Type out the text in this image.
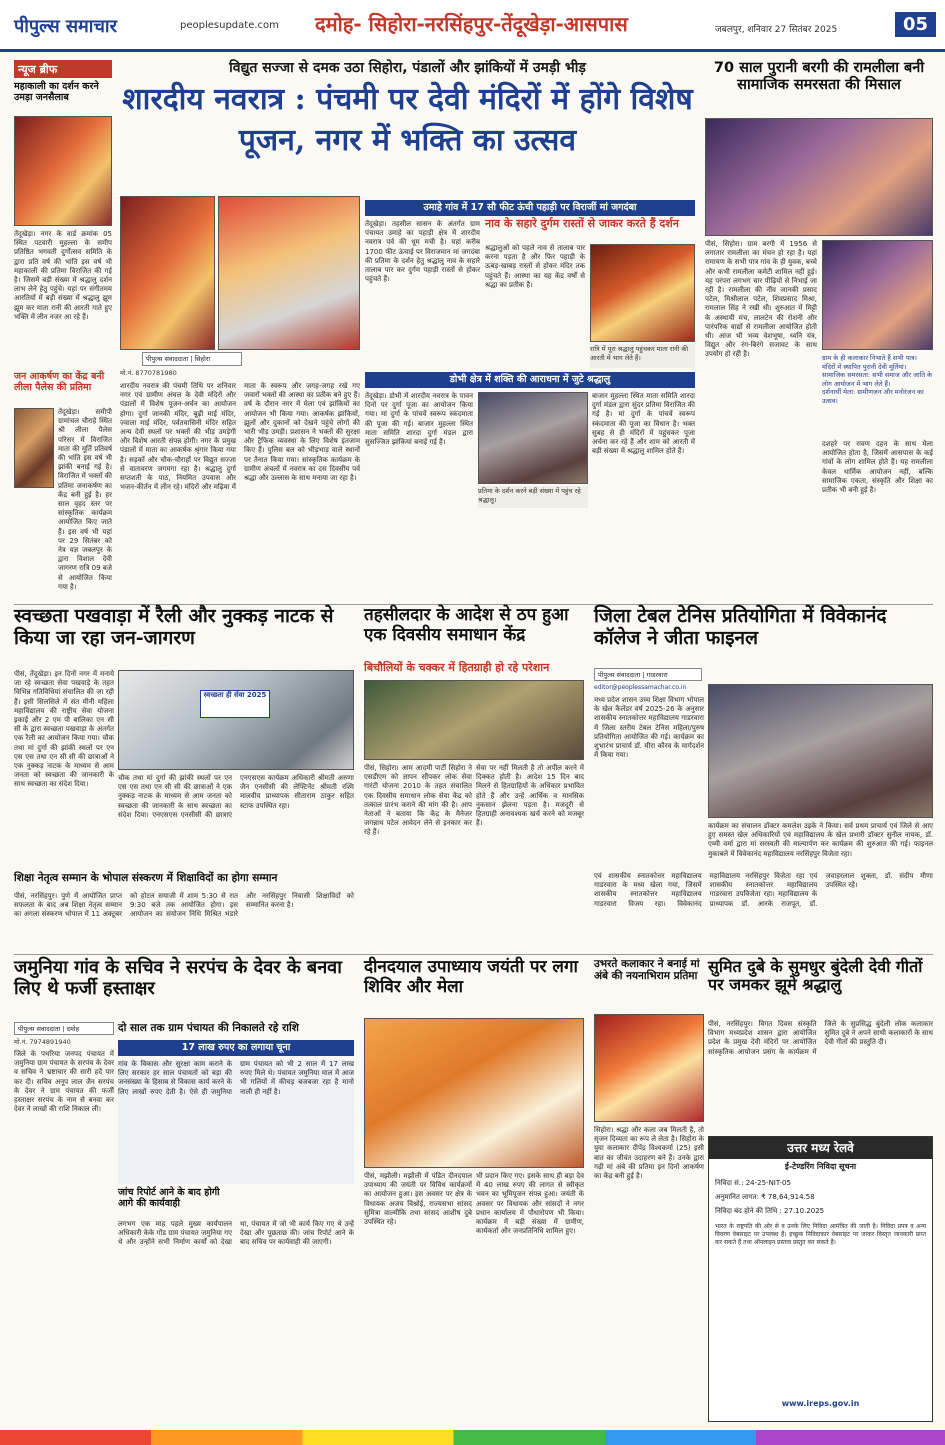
पीपुल्स समाचार	peoplesupdate.com दमोह- सिहोरा-नरसिंहपुर-तेंदूखेड़ा-आसपास	जबलपुर, शनिवार 27 सितंबर 2025	05
न्यूज ब्रीफ
महाकाली का दर्शन करने उमड़ा जनसैलाब
तेंदूखेड़ा। नगर के वार्ड क्रमांक 05 स्थित पटवारी मुहल्ला के समीप प्रतिष्ठित भगवती दुर्गोत्सव समिति के द्वारा प्रति वर्ष की भांति इस वर्ष भी महाकाली की प्रतिमा विराजित की गई है। जिसमें बड़ी संख्या में श्रद्धालु दर्शन लाभ लेने हेतु पहुंचे। यहां पर संगीतमय आरतियों में बड़ी संख्या में श्रद्धालु झूम झूम कर माता रानी की आरती गाते हुए भक्ति में लीन नजर आ रहे हैं।
जन आकर्षण का केंद्र बनी लीला पैलेस की प्रतिमा
तेंदूखेड़ा। समीपी ग्रामांचल चौराहे स्थित श्री लीला पैलेस परिसर में विराजित माता की मूर्ति प्रतिवर्ष की भांति इस वर्ष भी झांकी बनाई गई है। विराजित में भक्तों की प्रतिमा जनाकर्षण का केंद्र बनी हुई है। हर साल वृहद स्तर पर सांस्कृतिक कार्यक्रम आयोजित किए जाते हैं। इस वर्ष भी यहां पर 29 सितंबर को नेत्र यज्ञ जबलपुर के द्वारा विशाल देवी जागरण रात्रि 09 बजे से आयोजित किया गया है।
विद्युत सज्जा से दमक उठा सिहोरा, पंडालों और झांकियों में उमड़ी भीड़
शारदीय नवरात्र : पंचमी पर देवी मंदिरों में होंगे विशेष पूजन, नगर में भक्ति का उत्सव
पीपुल्स संवाददाता | सिहोरा
मो.नं. 8770781980
शारदीय नवरात्र की पंचमी तिथि पर शनिवार नगर एवं ग्रामीण अंचल के देवी मंदिरों और पंडालों में विशेष पूजन-अर्चन का आयोजन होगा। दुर्गा जानकी मंदिर, बूढ़ी माई मंदिर, ज्वाला माई मंदिर, पर्वतवासिनी मंदिर सहित अन्य देवी स्थलों पर भक्तों की भीड़ उमड़ेगी और विशेष आरती संपन्न होगी। नगर के प्रमुख पंडालों में माता का आकर्षक श्रृंगार किया गया है। सड़कों और चौक-चौराहों पर विद्युत सज्जा से वातावरण जगमगा रहा है। श्रद्धालु दुर्गा सप्तशती के पाठ, नियमित उपवास और भजन-कीर्तन में लीन रहे। मंदिरों और मढ़िया में माता के स्वरूप और जगह-जगह रखे गए जवारों भक्तों की आस्था का प्रतीक बने हुए हैं। वर्ष के दौरान नगर में मेला एवं झांकियों का आयोजन भी किया गया। आकर्षक झांकियों, झूलों और दुकानों को देखने पहुंचे लोगों की भारी भीड़ उमड़ी। प्रशासन ने भक्तों की सुरक्षा और ट्रैफिक व्यवस्था के लिए विशेष इंतजाम किए हैं। पुलिस बल को भीड़भाड़ वाले स्थानों पर तैनात किया गया। सांस्कृतिक कार्यक्रम के ग्रामीण अंचलों में नवरात्र का दस दिवसीय पर्व श्रद्धा और उल्लास के साथ मनाया जा रहा है।
उमाहे गांव में 17 सौ फीट ऊंची पहाड़ी पर विराजीं मां जगदंबा
नाव के सहारे दुर्गम रास्तों से जाकर करते हैं दर्शन
तेंदूखेड़ा। तहसील सासन के अंतर्गत ग्राम पंचायत उमाहे का पहाड़ी क्षेत्र में शारदीय नवरात्र पर्व की धूम मची है। यहां करीब 1700 फीट ऊंचाई पर विराजमान मां जगदंबा की प्रतिमा के दर्शन हेतु श्रद्धालु नाव के सहारे तालाब पार कर दुर्गम पहाड़ी रास्तों से होकर पहुंचते हैं।
श्रद्धालुओं को पहले नाव से तालाब पार करना पड़ता है और फिर पहाड़ी के ऊबड़-खाबड़ रास्तों से होकर मंदिर तक पहुंचते हैं। आस्था का यह केंद्र वर्षों से श्रद्धा का प्रतीक है।
रात्रि में पूरा श्रद्धालु पहुंचकर माता रानी की आरती में भाग लेते हैं।
डोभी क्षेत्र में शक्ति की आराधना में जुटे श्रद्धालु
तेंदूखेड़ा। डोभी में शारदीय नवरात्र के पावन दिनों पर दुर्गा पूजा का आयोजन किया गया। मां दुर्गा के पांचवें स्वरूप स्कंदमाता की पूजा की गई। बाजार मुहल्ला स्थित माता समिति शारदा दुर्गा मंडल द्वारा सुसज्जित झांकियां बनाई गई हैं।
प्रतिमा के दर्शन करने बड़ी संख्या में पहुंच रहे श्रद्धालु।
बाजार मुहल्ला स्थित माता समिति शारदा दुर्गा मंडल द्वारा सुंदर प्रतिमा विराजित की गई है। मां दुर्गा के पांचवें स्वरूप स्कंदमाता की पूजा का विधान है। भक्त सुबह से ही मंदिरों में पहुंचकर पूजा अर्चना कर रहे हैं और शाम को आरती में बड़ी संख्या में श्रद्धालु शामिल होते हैं।
70 साल पुरानी बरगी की रामलीला बनी सामाजिक समरसता की मिसाल
पीसं, सिहोरा। ग्राम बरगी में 1956 से लगातार रामलीला का मंचन हो रहा है। यहां रामायण के सभी पात्र गांव के ही युवक, बच्चे और कभी रामलीला कमेटी शामिल नहीं हुई। यह परंपरा लगभग चार पीढ़ियों से निभाई जा रही है। रामलीला की नींव जानकी प्रसाद पटेल, मिश्रीलाल पटेल, शिवप्रसाद मिश्रा, रामलाल सिंह ने रखी थी। शुरुआत में मिट्टी के अस्थायी मंच, लालटेन की रोशनी और पारंपरिक वाद्यों से रामलीला आयोजित होती थी। आज भी भव्य वेशभूषा, ध्वनि यंत्र, विद्युत और रंग-बिरंगे सजावट के साथ उपयोग हो रही है।	ग्राम के ही कलाकार निभाते हैं सभी पात्र।
मंदिरों में स्थापित पुरानी देवी मूर्तियां।
सामाजिक समरसता: सभी समाज और जाति के लोग आयोजन में भाग लेते हैं।
दर्शनार्थी मेला: ग्रामीणजन और मनोरंजन का उत्सव।
दशहरे पर रावण दहन के साथ मेला आयोजित होता है, जिसमें आसपास के कई गांवों के लोग शामिल होते हैं। यह रामलीला केवल धार्मिक आयोजन नहीं, बल्कि सामाजिक एकता, संस्कृति और शिक्षा का प्रतीक भी बनी हुई है।
स्वच्छता पखवाड़ा में रैली और नुक्कड़ नाटक से किया जा रहा जन-जागरण
पीसं, तेंदूखेड़ा। इन दिनों नगर में मनाये जा रहे स्वच्छता सेवा पखवाड़े के तहत विभिन्न गतिविधियां संचालित की जा रही हैं। इसी सिलसिले में संत मीनी महिला महाविद्यालय की राष्ट्रीय सेवा योजना इकाई और 2 एम पी बालिका एन सी सी के द्वारा स्वच्छता पखवाड़ा के अंतर्गत एक रैली का आयोजन किया गया। चौक तथा मां दुर्गा की झांकी स्थलों पर एन एस एस तथा एन सी सी की छात्राओं ने एक नुक्कड़ नाटक के माध्यम से आम जनता को स्वच्छता की जानकारी के साथ स्वच्छता का संदेश दिया।
स्वच्छता ही सेवा 2025
चौक तथा मां दुर्गा की झांकी स्थलों पर एन एस एस तथा एन सी सी की छात्राओं ने एक नुक्कड़ नाटक के माध्यम से आम जनता को स्वच्छता की जानकारी के साथ स्वच्छता का संदेश दिया। एनएसएस एनसीसी की छात्राएं एनएसएस कार्यक्रम अधिकारी श्रीमती अरुणा जैन एनसीसी की लेफ्टिनेंट श्रीमती रश्मि मालवीय प्राध्यापक सीताराम ठाकुर सहित स्टाफ उपस्थित रहा।
तहसीलदार के आदेश से ठप हुआ एक दिवसीय समाधान केंद्र
बिचौलियों के चक्कर में हितग्राही हो रहे परेशान
पीसं, सिहोरा। आम आदमी पार्टी सिहोरा ने एसडीएम को ज्ञापन सौंपकर लोक सेवा गारंटी योजना 2010 के तहत संचालित एक दिवसीय समाधान लोक सेवा केंद्र को तत्काल प्रारंभ कराने की मांग की है। आप नेताओं ने बताया कि केंद्र के मैनेजर जगन्नाथ पटेल आवेदन लेने से इनकार कर रहे हैं।
सेवा पर नहीं मिलती है तो अपील करने में दिक्कत होती है। आदेश 15 दिन बाद मिलने से हितग्राहियों के अधिकार प्रभावित होते हैं और उन्हें आर्थिक व मानसिक नुकसान झेलना पड़ता है। मजदूरी से हितग्राही अनावश्यक खर्च करने को मजबूर हैं।
जिला टेबल टेनिस प्रतियोगिता में विवेकानंद कॉलेज ने जीता फाइनल
पीपुल्स संवाददाता | गाडरवारा
editor@peoplessamachar.co.in
मध्य प्रदेश शासन उच्च शिक्षा विभाग भोपाल के खेल कैलेंडर वर्ष 2025-26 के अनुसार शासकीय स्नातकोत्तर महाविद्यालय गाडरवारा में जिला स्तरीय टेबल टेनिस महिला/पुरुष प्रतियोगिता आयोजित की गई। कार्यक्रम का शुभारंभ प्राचार्य डॉ. मीरा कौरव के मार्गदर्शन में किया गया।
कार्यक्रम का संचालन डॉक्टर कमलेश उइके ने किया। सर्व प्रथम प्राचार्य एवं जिले से आए हुए समस्त खेल अधिकारियों एवं महाविद्यालय के खेल प्रभारी डॉक्टर सुनील नायक, डॉ. एम्मी वर्मा द्वारा मां सरस्वती की माल्यार्पण कर कार्यक्रम की शुरुआत की गई। फाइनल मुकाबले में विवेकानंद महाविद्यालय नरसिंहपुर विजेता रहा।
शिक्षा नेतृत्व सम्मान के भोपाल संस्करण में शिक्षाविदों का होगा सम्मान
पीसं, नरसिंहपुर। पुणे में आयोजित प्राप्त सफलता के बाद अब शिक्षा नेतृत्व सम्मान का अगला संस्करण भोपाल में 11 अक्टूबर को होटल सयाजी में शाम 5:30 से रात 9:30 बजे तक आयोजित होगा। इस आयोजन का संयोजन निधि मिश्रित भंडारे और नरसिंहपुर निवासी शिक्षाविदों को सम्मानित करना है।
एवं शासकीय स्नातकोत्तर महाविद्यालय गाडरवारा के मध्य खेला गया, जिसमें शासकीय स्नातकोत्तर महाविद्यालय गाडरवारा विजय रहा। विवेकानंद महाविद्यालय नरसिंहपुर विजेता रहा एवं शासकीय स्नातकोत्तर महाविद्यालय गाडरवारा उपविजेता रहा। महाविद्यालय के प्राध्यापक डॉ. आरके राजपूत, डॉ. जवाहरलाल शुक्ला, डॉ. संदीप मीणा उपस्थित रहे।
जमुनिया गांव के सचिव ने सरपंच के देवर के बनवा लिए थे फर्जी हस्ताक्षर
पीपुल्स संवाददाता | दमोह
मो.नं. 7974891940
दो साल तक ग्राम पंचायत की निकालते रहे राशि
जिले के पथरिया जनपद पंचायत में जमुनिया ग्राम पंचायत के सरपंच के देवर व सचिव ने भ्रष्टाचार की सारी हदें पार कर दी। सचिव अनूप लाल जैन सरपंच के देवर ने ग्राम पंचायत की फर्जी हस्ताक्षर सरपंच के नाम से बनवा कर देवर ने लाखों की राशि निकाल ली।
17 लाख रुपए का लगाया चूना
गांव के विकास और सुरक्षा काम कराने के लिए सरकार हर साल पंचायतों को बड़ा की जनसंख्या के हिसाब से विकास कार्य करने के लिए लाखों रुपए देती है। ऐसे ही जमुनिया ग्राम पंचायत को भी 2 साल में 17 लाख रुपए मिले थे। पंचायत जमुनिया माल में आज भी गलियों में कीचड़ बजबजा रहा है मानो नाली ही नहीं है।
जांच रिपोर्ट आने के बाद होगी आगे की कार्यवाही
लगभग एक माह पहले मुख्य कार्यपालन अधिकारी केके गोंड ग्राम पंचायत जमुनिया गए थे और उन्होंने सभी निर्माण कार्यों को देखा था, पंचायत में जो भी कार्य किए गए थे उन्हें देखा और पूछताछ की। जांच रिपोर्ट आने के बाद सचिव पर कार्यवाही की जाएगी।
दीनदयाल उपाध्याय जयंती पर लगा शिविर और मेला
पीसं, मझौली। मझौली में पंडित दीनदयाल उपाध्याय की जयंती पर विविध कार्यक्रमों का आयोजन हुआ। इस अवसर पर क्षेत्र के विधायक अजय विश्नोई, राज्यसभा सांसद सुमित्रा वाल्मीकि तथा सांसद आशीष दुबे उपस्थित रहे।
भी प्रदान किए गए। इसके साथ ही बड़ा देव में 40 लाख रुपए की लागत से स्वीकृत भवन का भूमिपूजन संपन्न हुआ। जयंती के अवसर पर विधायक और सांसदों ने नगर प्रधान कार्यालय में पौधारोपण भी किया। कार्यक्रम में बड़ी संख्या में ग्रामीण, कार्यकर्ता और जनप्रतिनिधि शामिल हुए।
उभरते कलाकार ने बनाई मां अंबे की नयनाभिराम प्रतिमा
सिहोरा। श्रद्धा और कला जब मिलती है, तो सृजन दिव्यता का रूप ले लेता है। सिहोरा के युवा कलाकार दीपेंद्र विश्वकर्मा (25) इसी बात का जीवंत उदाहरण बने हैं। उनके द्वारा गढ़ी मां अंबे की प्रतिमा इन दिनों आकर्षण का केंद्र बनी हुई है।
सुमित दुबे के सुमधुर बुंदेली देवी गीतों पर जमकर झूमे श्रद्धालु
पीसं, नरसिंहपुर। विगत दिवस संस्कृति विभाग मध्यप्रदेश शासन द्वारा आयोजित प्रदेश के प्रमुख देवी मंदिरों पर आयोजित सांस्कृतिक आयोजन प्रसंग के कार्यक्रम में जिले के सुप्रसिद्ध बुंदेली लोक कलाकार सुमित दुबे ने अपने साथी कलाकारों के साथ देवी गीतों की प्रस्तुति दी।
उत्तर मध्य रेलवे
ई-टेण्डरिंग निविदा सूचना
निविदा सं.: 24-25-NIT-05
अनुमानित लागत: ₹ 78,64,914.58
निविदा बंद होने की तिथि : 27.10.2025
भारत के राष्ट्रपति की ओर से व उनके लिए निविदा आमंत्रित की जाती है। निविदा प्रपत्र व अन्य विवरण वेबसाइट पर उपलब्ध हैं। इच्छुक निविदाकार वेबसाइट पर जाकर विस्तृत जानकारी प्राप्त कर सकते हैं तथा ऑनलाइन प्रस्ताव प्रस्तुत कर सकते हैं।
www.ireps.gov.in
